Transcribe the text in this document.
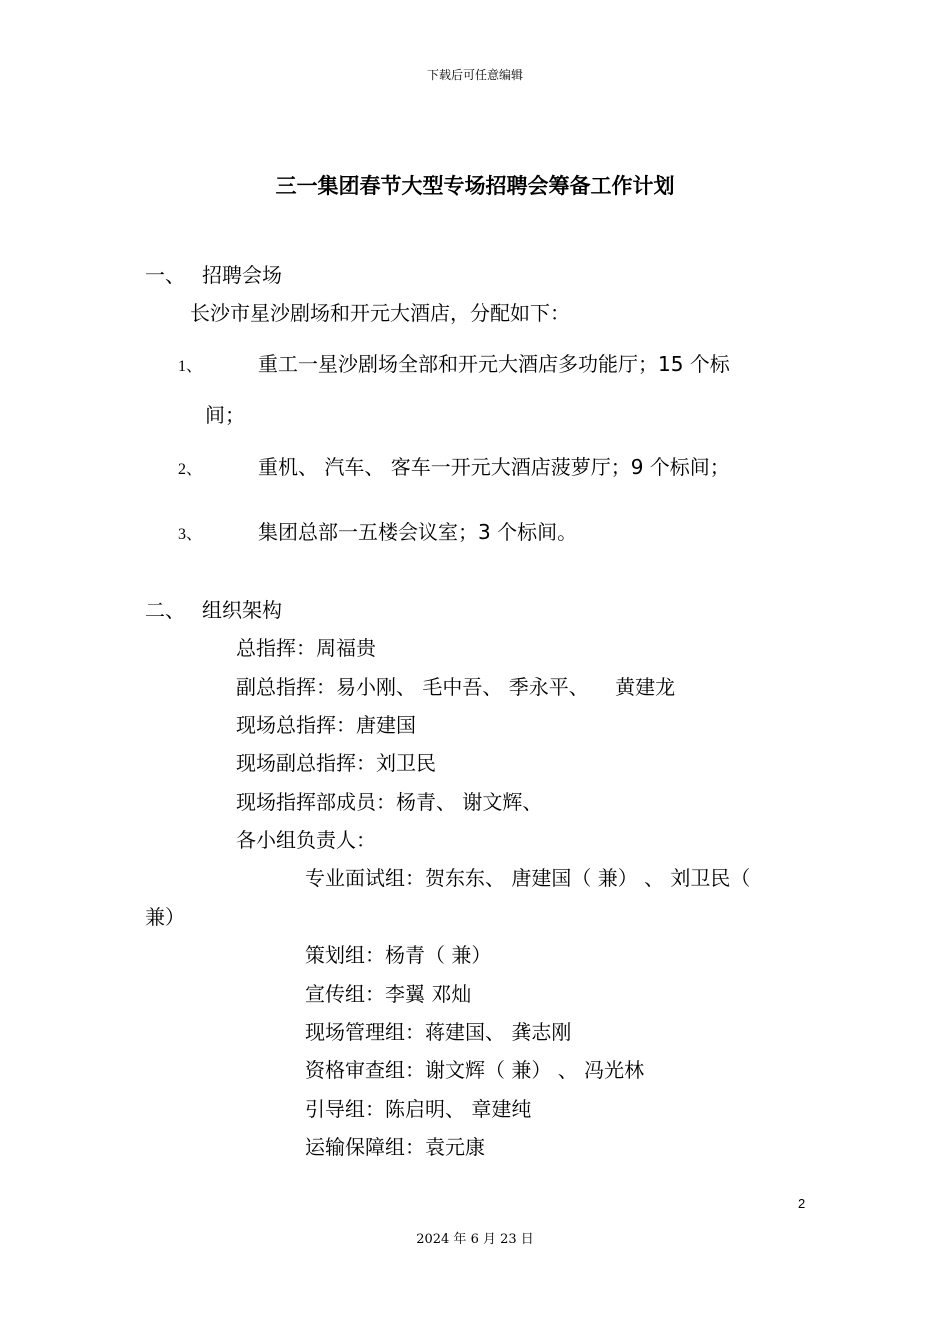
下载后可任意编辑
三一集团春节大型专场招聘会筹备工作计划
一、 招聘会场
长沙市星沙剧场和开元大酒店，分配如下：
1、	重工一星沙剧场全部和开元大酒店多功能厅；15 个标
间；
2、	重机、 汽车、 客车一开元大酒店菠萝厅；9 个标间；
3、	集团总部一五楼会议室；3 个标间。
二、 组织架构
总指挥：周福贵
副总指挥：易小刚、 毛中吾、 季永平、 　黄建龙
现场总指挥：唐建国
现场副总指挥：刘卫民
现场指挥部成员：杨青、 谢文辉、
各小组负责人：
专业面试组：贺东东、 唐建国（ 兼） 、 刘卫民（
兼）
策划组：杨青（ 兼）
宣传组：李翼 邓灿
现场管理组：蒋建国、 龚志刚
资格审查组：谢文辉（ 兼） 、 冯光林
引导组：陈启明、 章建纯
运输保障组：袁元康
2
2024 年 6 月 23 日
